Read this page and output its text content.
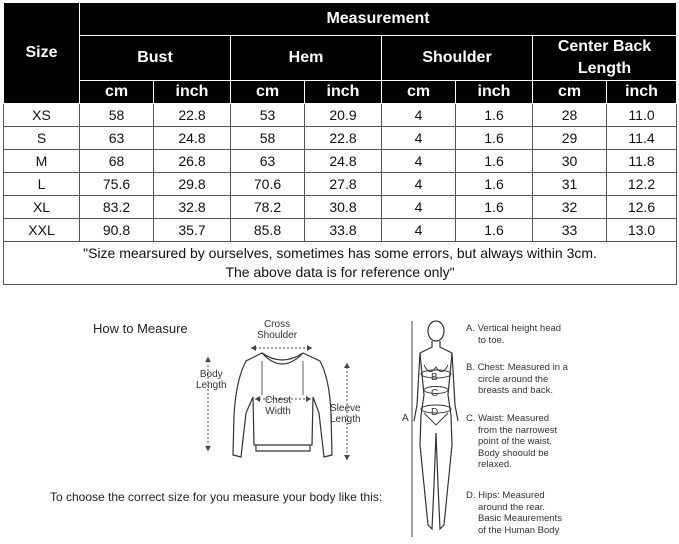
Size	Measurement							
	Bust		Hem		Shoulder		Center Back Length	
	cm	inch	cm	inch	cm	inch	cm	inch
XS	58	22.8	53	20.9	4	1.6	28	11.0
S	63	24.8	58	22.8	4	1.6	29	11.4
M	68	26.8	63	24.8	4	1.6	30	11.8
L	75.6	29.8	70.6	27.8	4	1.6	31	12.2
XL	83.2	32.8	78.2	30.8	4	1.6	32	12.6
XXL	90.8	35.7	85.8	33.8	4	1.6	33	13.0

"Size mearsured by ourselves, sometimes has some errors, but always within 3cm.
The above data is for reference only"								
How to Measure	Cross
Shoulder
Body
Length
Chest
Width	Sleeve
Length	A
B
C
D
A. Vertical height head
to toe.
B. Chest: Measured in a
circle around the
breasts and back.
C. Waist: Measured
from the narrowest
point of the waist.
Body shoould be
relaxed.
D. Hips: Measured
around the rear.
Basic Meaurements
of the Human Body
To choose the correct size for you measure your body like this:
